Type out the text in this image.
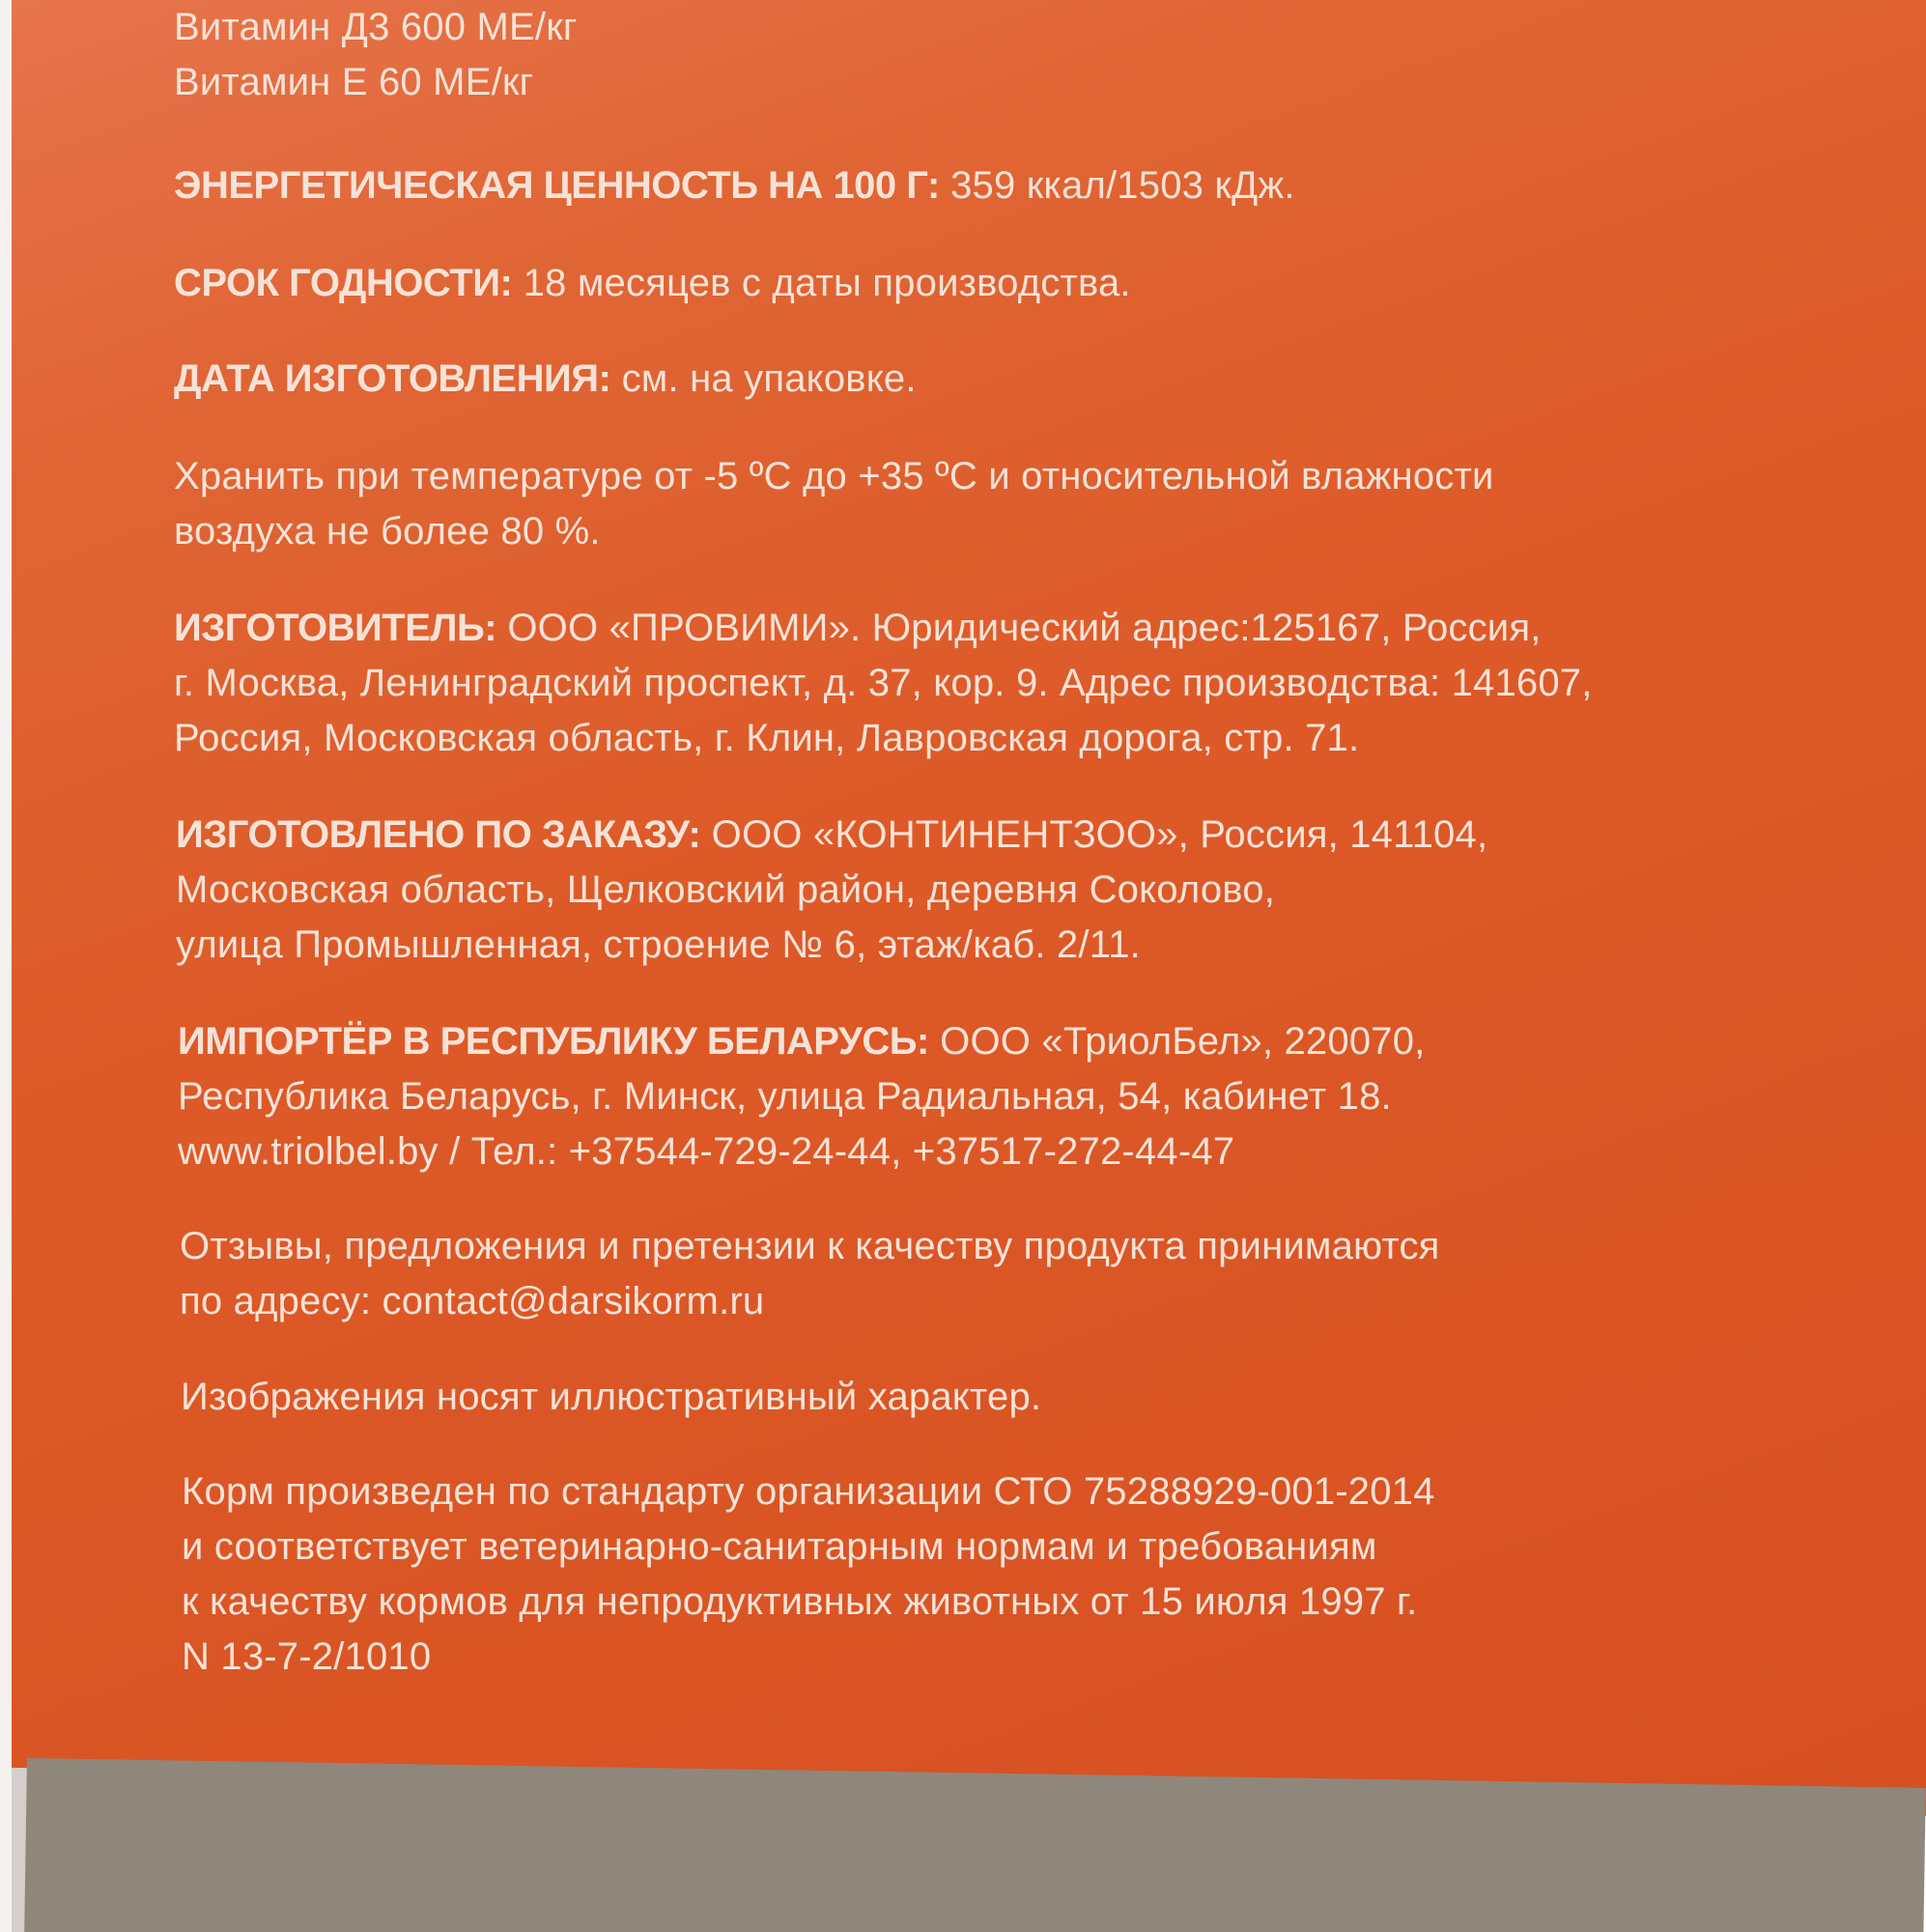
Витамин Д3 600 МЕ/кг
Витамин Е 60 МЕ/кг
ЭНЕРГЕТИЧЕСКАЯ ЦЕННОСТЬ НА 100 Г: 359 ккал/1503 кДж.
СРОК ГОДНОСТИ: 18 месяцев с даты производства.
ДАТА ИЗГОТОВЛЕНИЯ: см. на упаковке.
Хранить при температуре от -5 ºС до +35 ºС и относительной влажности
воздуха не более 80 %.
ИЗГОТОВИТЕЛЬ: ООО «ПРОВИМИ». Юридический адрес:125167, Россия,
г. Москва, Ленинградский проспект, д. 37, кор. 9. Адрес производства: 141607,
Россия, Московская область, г. Клин, Лавровская дорога, стр. 71.
ИЗГОТОВЛЕНО ПО ЗАКАЗУ: ООО «КОНТИНЕНТЗОО», Россия, 141104,
Московская область, Щелковский район, деревня Соколово,
улица Промышленная, строение № 6, этаж/каб. 2/11.
ИМПОРТЁР В РЕСПУБЛИКУ БЕЛАРУСЬ: ООО «ТриолБел», 220070,
Республика Беларусь, г. Минск, улица Радиальная, 54, кабинет 18.
www.triolbel.by / Тел.: +37544-729-24-44, +37517-272-44-47
Отзывы, предложения и претензии к качеству продукта принимаются
по адресу: contact@darsikorm.ru
Изображения носят иллюстративный характер.
Корм произведен по стандарту организации СТО 75288929-001-2014
и соответствует ветеринарно-санитарным нормам и требованиям
к качеству кормов для непродуктивных животных от 15 июля 1997 г.
N 13-7-2/1010
